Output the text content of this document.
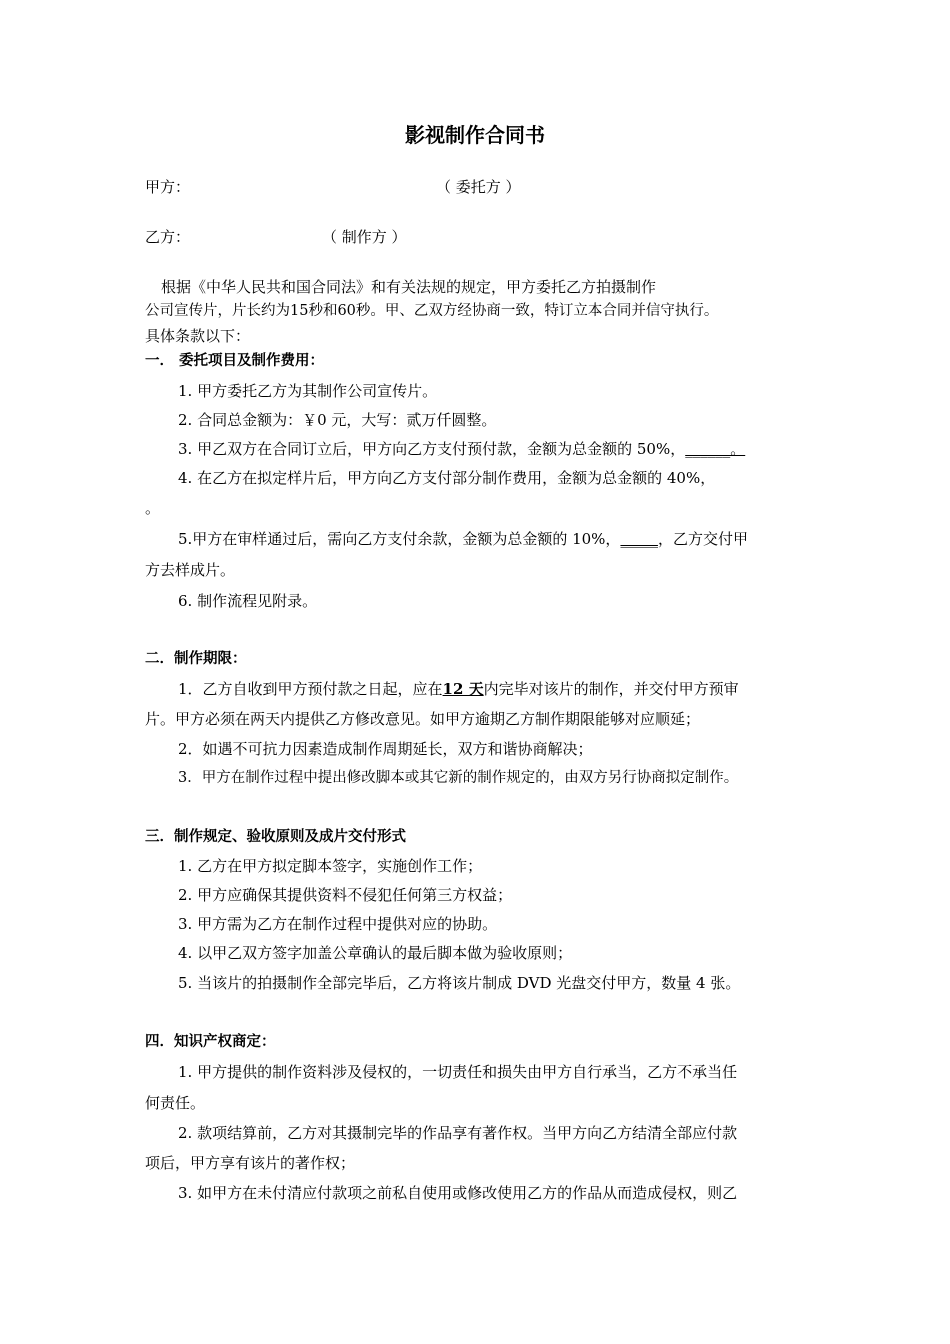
影视制作合同书
甲方：	（ 委托方 ）
乙方：	（ 制作方 ）
根据《中华人民共和国合同法》和有关法规的规定，甲方委托乙方拍摄制作
公司宣传片，片长约为15秒和60秒。甲、乙双方经协商一致，特订立本合同并信守执行。
具体条款以下：
一． 委托项目及制作费用：
1. 甲方委托乙方为其制作公司宣传片。
2. 合同总金额为：￥0 元，大写：贰万仟圆整。
3. 甲乙双方在合同订立后，甲方向乙方支付预付款，金额为总金额的 50%，______。
4. 在乙方在拟定样片后，甲方向乙方支付部分制作费用，金额为总金额的 40%，
。
5.甲方在审样通过后，需向乙方支付余款，金额为总金额的 10%，_____，乙方交付甲
方去样成片。
6. 制作流程见附录。
二．制作期限：
1．乙方自收到甲方预付款之日起，应在12 天内完毕对该片的制作，并交付甲方预审
片。甲方必须在两天内提供乙方修改意见。如甲方逾期乙方制作期限能够对应顺延；
2．如遇不可抗力因素造成制作周期延长，双方和谐协商解决；
3．甲方在制作过程中提出修改脚本或其它新的制作规定的，由双方另行协商拟定制作。
三．制作规定、验收原则及成片交付形式
1. 乙方在甲方拟定脚本签字，实施创作工作；
2. 甲方应确保其提供资料不侵犯任何第三方权益；
3. 甲方需为乙方在制作过程中提供对应的协助。
4. 以甲乙双方签字加盖公章确认的最后脚本做为验收原则；
5. 当该片的拍摄制作全部完毕后，乙方将该片制成 DVD 光盘交付甲方，数量 4 张。
四．知识产权商定：
1. 甲方提供的制作资料涉及侵权的，一切责任和损失由甲方自行承当，乙方不承当任
何责任。
2. 款项结算前，乙方对其摄制完毕的作品享有著作权。当甲方向乙方结清全部应付款
项后，甲方享有该片的著作权；
3. 如甲方在未付清应付款项之前私自使用或修改使用乙方的作品从而造成侵权，则乙
